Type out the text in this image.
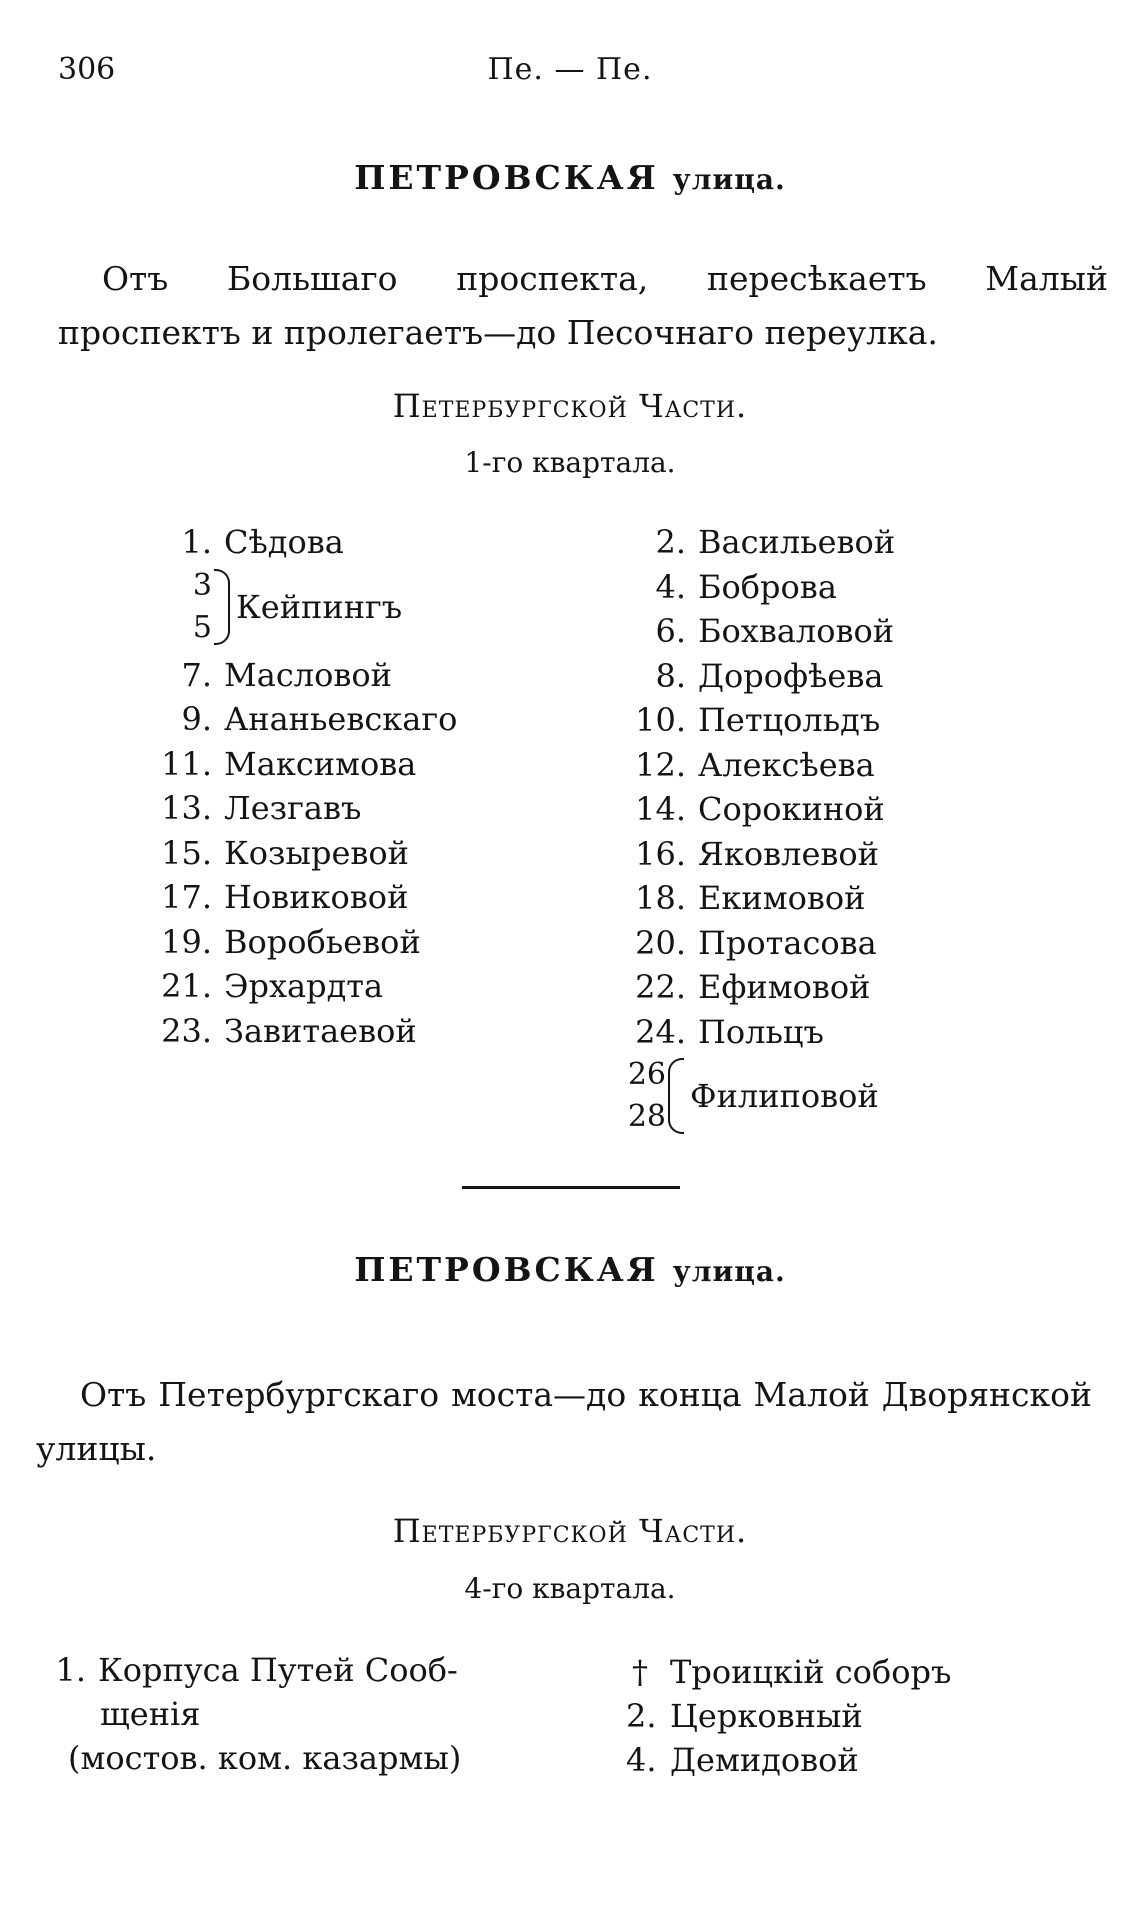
306	Пе. — Пе.
ПЕТРОВСКАЯ улица.
Отъ Большаго проспекта, пересѣкаетъ Малый проспектъ и пролегаетъ—до Песочнаго переулка.
Петербургской Части.
1-го квартала.
1. Сѣдова
3
5Кейпингъ
7. Масловой
9. Ананьевскаго
11. Максимова
13. Лезгавъ
15. Козыревой
17. Новиковой
19. Воробьевой
21. Эрхардта
23. Завитаевой
2. Васильевой
4. Боброва
6. Бохваловой
8. Дорофѣева
10. Петцольдъ
12. Алексѣева
14. Сорокиной
16. Яковлевой
18. Екимовой
20. Протасова
22. Ефимовой
24. Польцъ
26
28Филиповой
ПЕТРОВСКАЯ улица.
Отъ Петербургскаго моста—до конца Малой Дворянской улицы.
Петербургской Части.
4-го квартала.
1. Корпуса Путей Сооб-
щенія
(мостов. ком. казармы)
† Троицкій соборъ
2. Церковный
4. Демидовой
